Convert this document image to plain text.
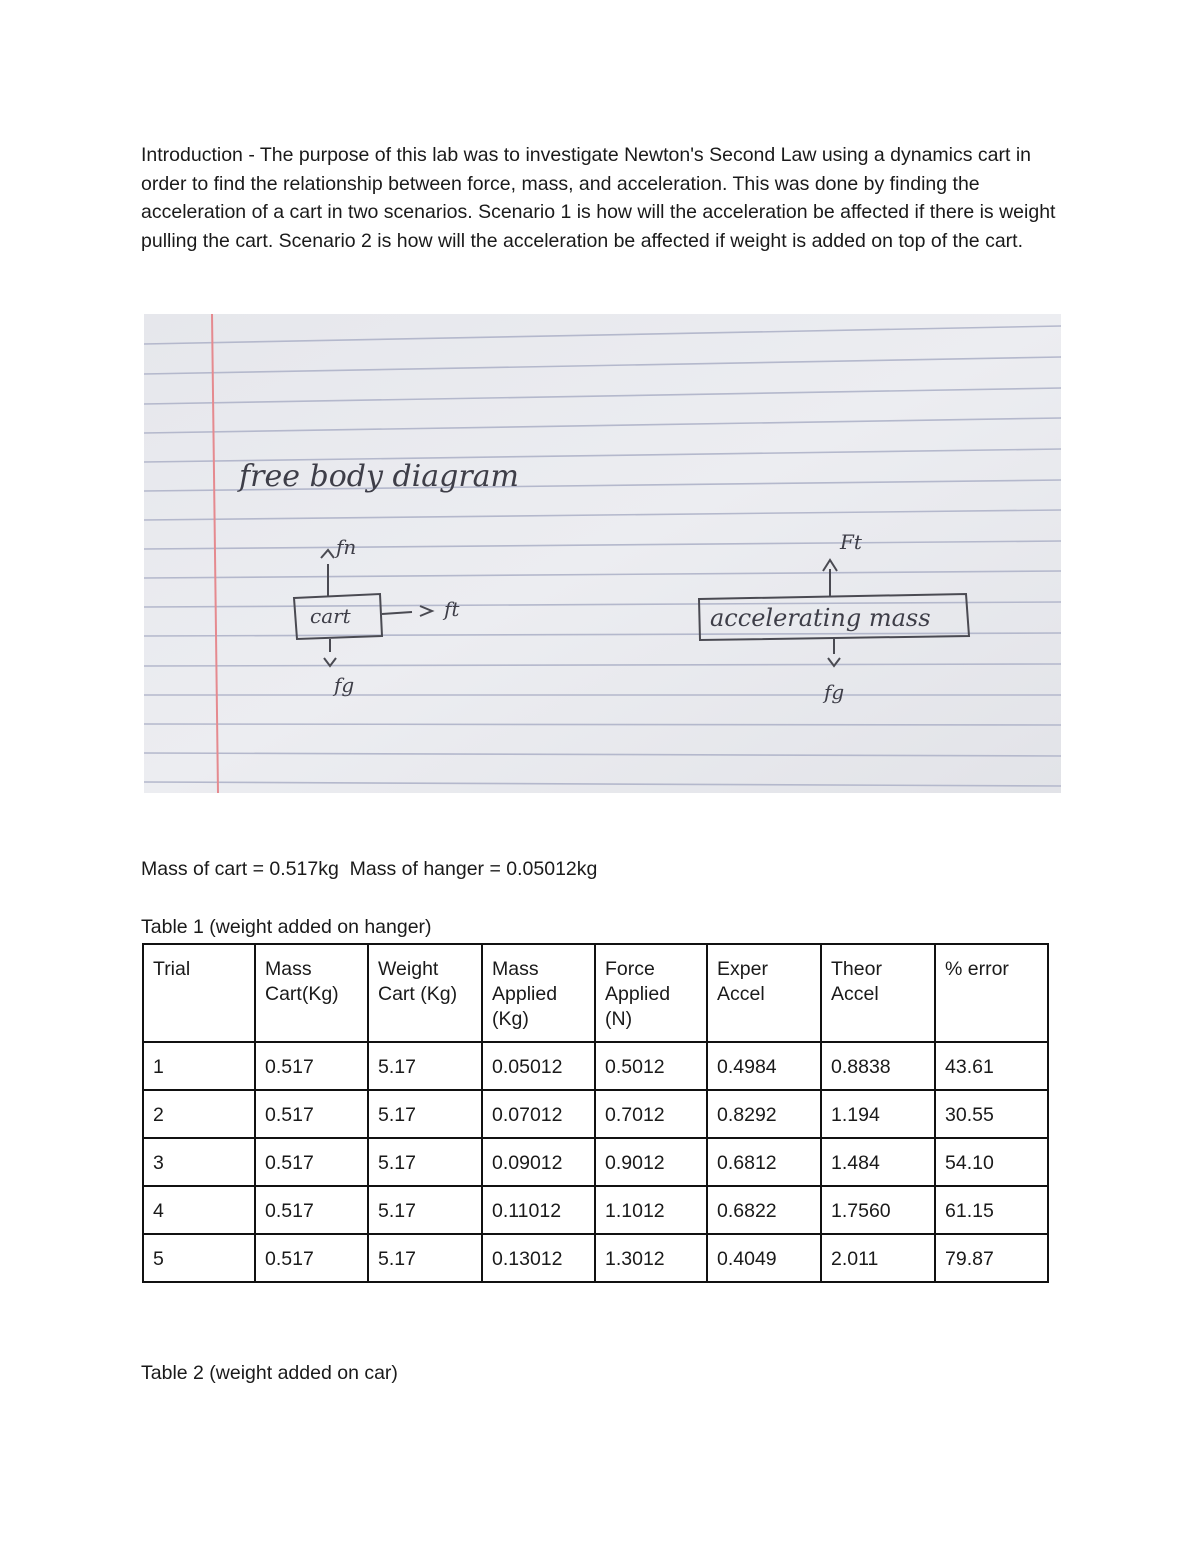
Introduction - The purpose of this lab was to investigate Newton's Second Law using a dynamics cart in order to find the relationship between force, mass, and acceleration. This was done by finding the acceleration of a cart in two scenarios. Scenario 1 is how will the acceleration be affected if there is weight pulling the cart. Scenario 2 is how will the acceleration be affected if weight is added on top of the cart.

free body diagram
cart
fn
ft
fg
accelerating mass
Ft
fg

Mass of cart = 0.517kg  Mass of hanger = 0.05012kg

Table 1 (weight added on hanger)

Trial	Mass Cart(Kg)	Weight Cart (Kg)	Mass Applied (Kg)	Force Applied (N)	Exper Accel	Theor Accel	% error
1	0.517	5.17	0.05012	0.5012	0.4984	0.8838	43.61
2	0.517	5.17	0.07012	0.7012	0.8292	1.194	30.55
3	0.517	5.17	0.09012	0.9012	0.6812	1.484	54.10
4	0.517	5.17	0.11012	1.1012	0.6822	1.7560	61.15
5	0.517	5.17	0.13012	1.3012	0.4049	2.011	79.87

Table 2 (weight added on car)
